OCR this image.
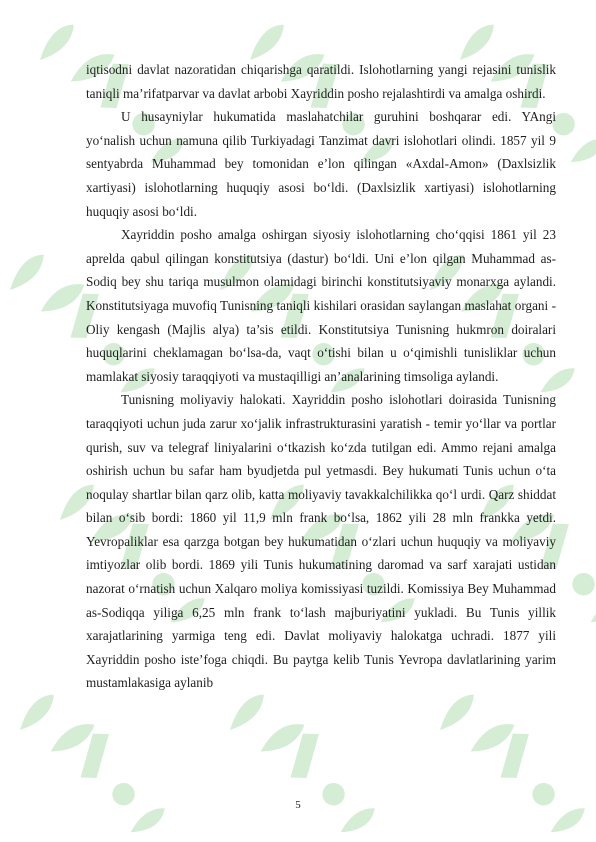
iqtisodni davlat nazoratidan chiqarishga qaratildi. Islohotlarning yangi rejasini tunislik taniqli ma’rifatparvar va davlat arbobi Xayriddin posho rejalashtirdi va amalga oshirdi.

U husayniylar hukumatida maslahatchilar guruhini boshqarar edi. YAngi yo‘nalish uchun namuna qilib Turkiyadagi Tanzimat davri islohotlari olindi. 1857 yil 9 sentyabrda Muhammad bey tomonidan e’lon qilingan «Axdal-Amon» (Daxlsizlik xartiyasi) islohotlarning huquqiy asosi bo‘ldi. (Daxlsizlik xartiyasi) islohotlarning huquqiy asosi bo‘ldi.

Xayriddin posho amalga oshirgan siyosiy islohotlarning cho‘qqisi 1861 yil 23 aprelda qabul qilingan konstitutsiya (dastur) bo‘ldi. Uni e’lon qilgan Muhammad as-Sodiq bey shu tariqa musulmon olamidagi birinchi konstitutsiyaviy monarxga aylandi. Konstitutsiyaga muvofiq Tunisning taniqli kishilari orasidan saylangan maslahat organi - Oliy kengash (Majlis alya) ta’sis etildi. Konstitutsiya Tunisning hukmron doiralari huquqlarini cheklamagan bo‘lsa-da, vaqt o‘tishi bilan u o‘qimishli tunisliklar uchun mamlakat siyosiy taraqqiyoti va mustaqilligi an’analarining timsoliga aylandi.

Tunisning moliyaviy halokati. Xayriddin posho islohotlari doirasida Tunisning taraqqiyoti uchun juda zarur xo‘jalik infrastrukturasini yaratish - temir yo‘llar va portlar qurish, suv va telegraf liniyalarini o‘tkazish ko‘zda tutilgan edi. Ammo rejani amalga oshirish uchun bu safar ham byudjetda pul yetmasdi. Bey hukumati Tunis uchun o‘ta noqulay shartlar bilan qarz olib, katta moliyaviy tavakkalchilikka qo‘l urdi. Qarz shiddat bilan o‘sib bordi: 1860 yil 11,9 mln frank bo‘lsa, 1862 yili 28 mln frankka yetdi. Yevropaliklar esa qarzga botgan bey hukumatidan o‘zlari uchun huquqiy va moliyaviy imtiyozlar olib bordi. 1869 yili Tunis hukumatining daromad va sarf xarajati ustidan nazorat o‘rnatish uchun Xalqaro moliya komissiyasi tuzildi. Komissiya Bey Muhammad as-Sodiqqa yiliga 6,25 mln frank to‘lash majburiyatini yukladi. Bu Tunis yillik xarajatlarining yarmiga teng edi. Davlat moliyaviy halokatga uchradi. 1877 yili Xayriddin posho iste’foga chiqdi. Bu paytga kelib Tunis Yevropa davlatlarining yarim mustamlakasiga aylanib

5
